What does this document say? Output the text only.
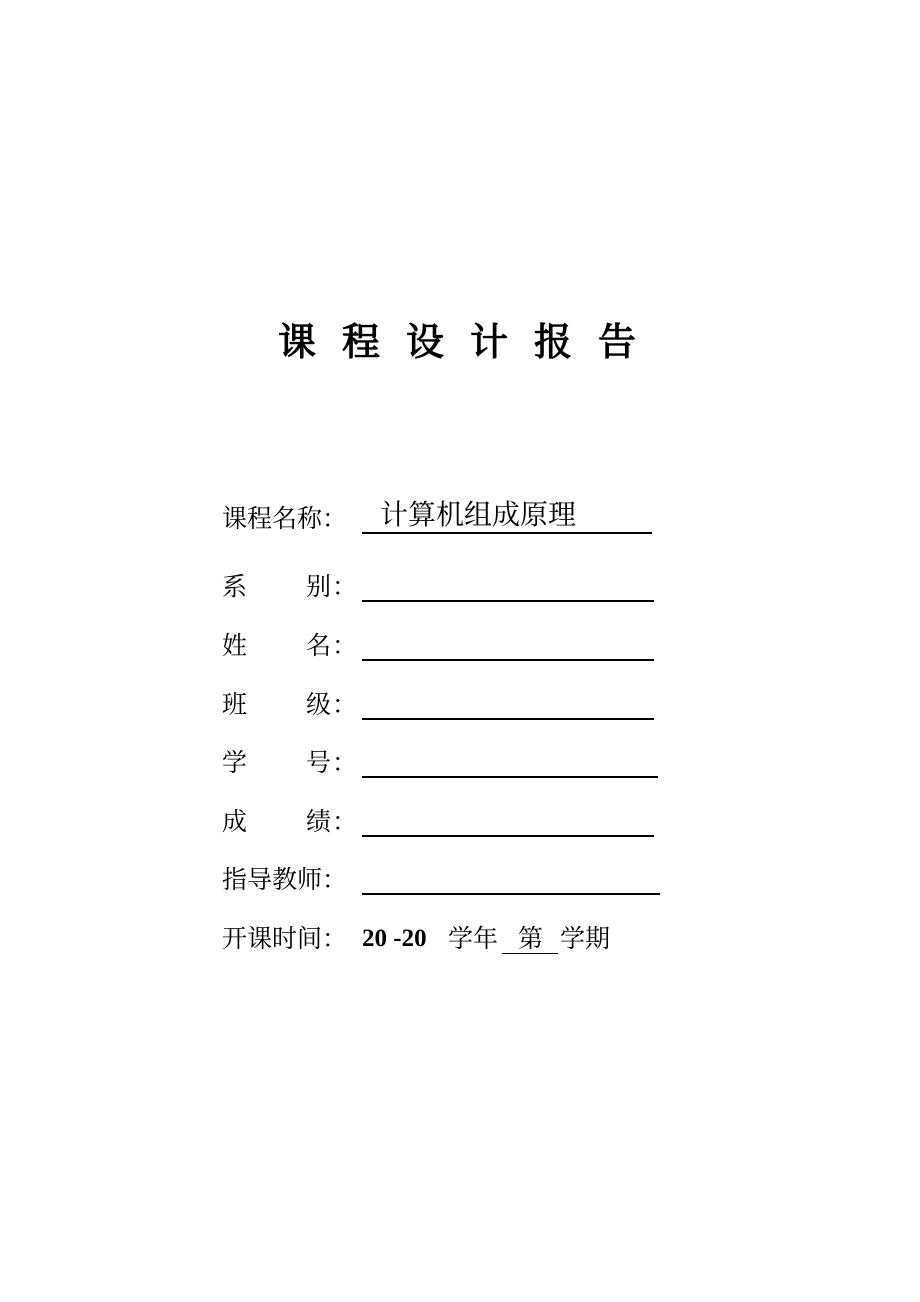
课程设计报告
课程名称： 计算机组成原理
系 别 ：
姓 名 ：
班 级 ：
学 号 ：
成 绩 ：
指导教师：
开课时间： 20 -20 学年 第 学期
